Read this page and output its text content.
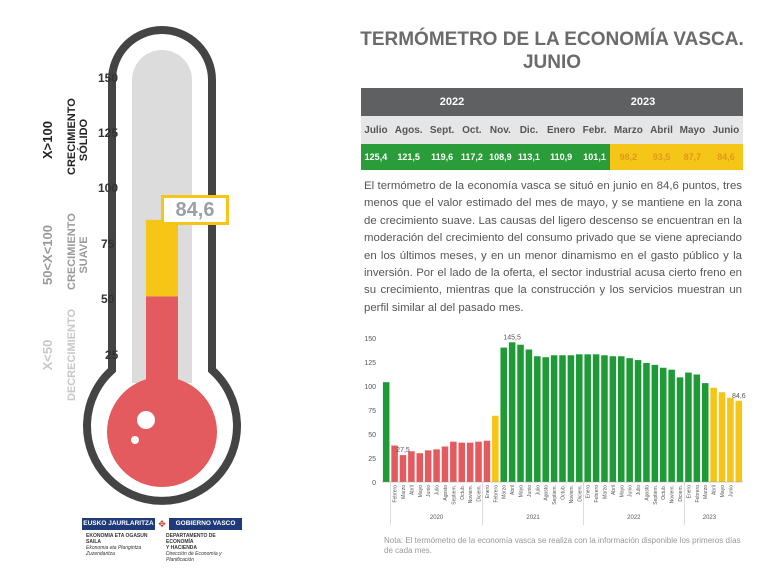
150
125
100
75
50
25
84,6

X>100 CRECIMIENTO SÓLIDO

50<X<100 CRECIMIENTO SUAVE

X<50 DECRECIMIENTO

TERMÓMETRO DE LA ECONOMÍA VASCA. JUNIO
2022						2023					
Julio	Agos.	Sept.	Oct.	Nov.	Dic.	Enero	Febr.	Marzo	Abril	Mayo	Junio
125,4	121,5	119,6	117,2	108,9	113,1	110,9	101,1	98,2	93,5	87,7	84,6
El termómetro de la economía vasca se situó en junio en 84,6 puntos, tres menos que el valor estimado del mes de mayo, y se mantiene en la zona de crecimiento suave. Las causas del ligero descenso se encuentran en la moderación del crecimiento del consumo privado que se viene apreciando en los últimos meses, y en un menor dinamismo en el gasto público y la inversión. Por el lado de la oferta, el sector industrial acusa cierto freno en su crecimiento, mientras que la construcción y los servicios muestran un perfil similar al del pasado mes.
0
25
50
75
100
125
150
Febrero Marzo Abril Mayo Junio Julio Agosto Septiem. Octub. Noviem. Diciem. Enero Febrero Marzo Abril Mayo Junio Julio Agosto Septiem. Octub. Noviem. Diciem. Enero Febrero Marzo Abril Mayo Junio Julio Agosto Septiem. Octub. Noviem. Diciem. Enero Febrero Marzo Abril Mayo Junio
2020	2021	2022	2023
27,5
145,5
84,6
Nota: El termómetro de la economía vasca se realiza con la información disponible los primeros días de cada mes.
EUSKO JAURLARITZA ✥	GOBIERNO VASCO
EKONOMIA ETA OGASUN
SAILA
Ekonomia eta Plangintza Zuzendaritza
DEPARTAMENTO DE ECONOMÍA
Y HACIENDA
Dirección de Economía y Planificación
